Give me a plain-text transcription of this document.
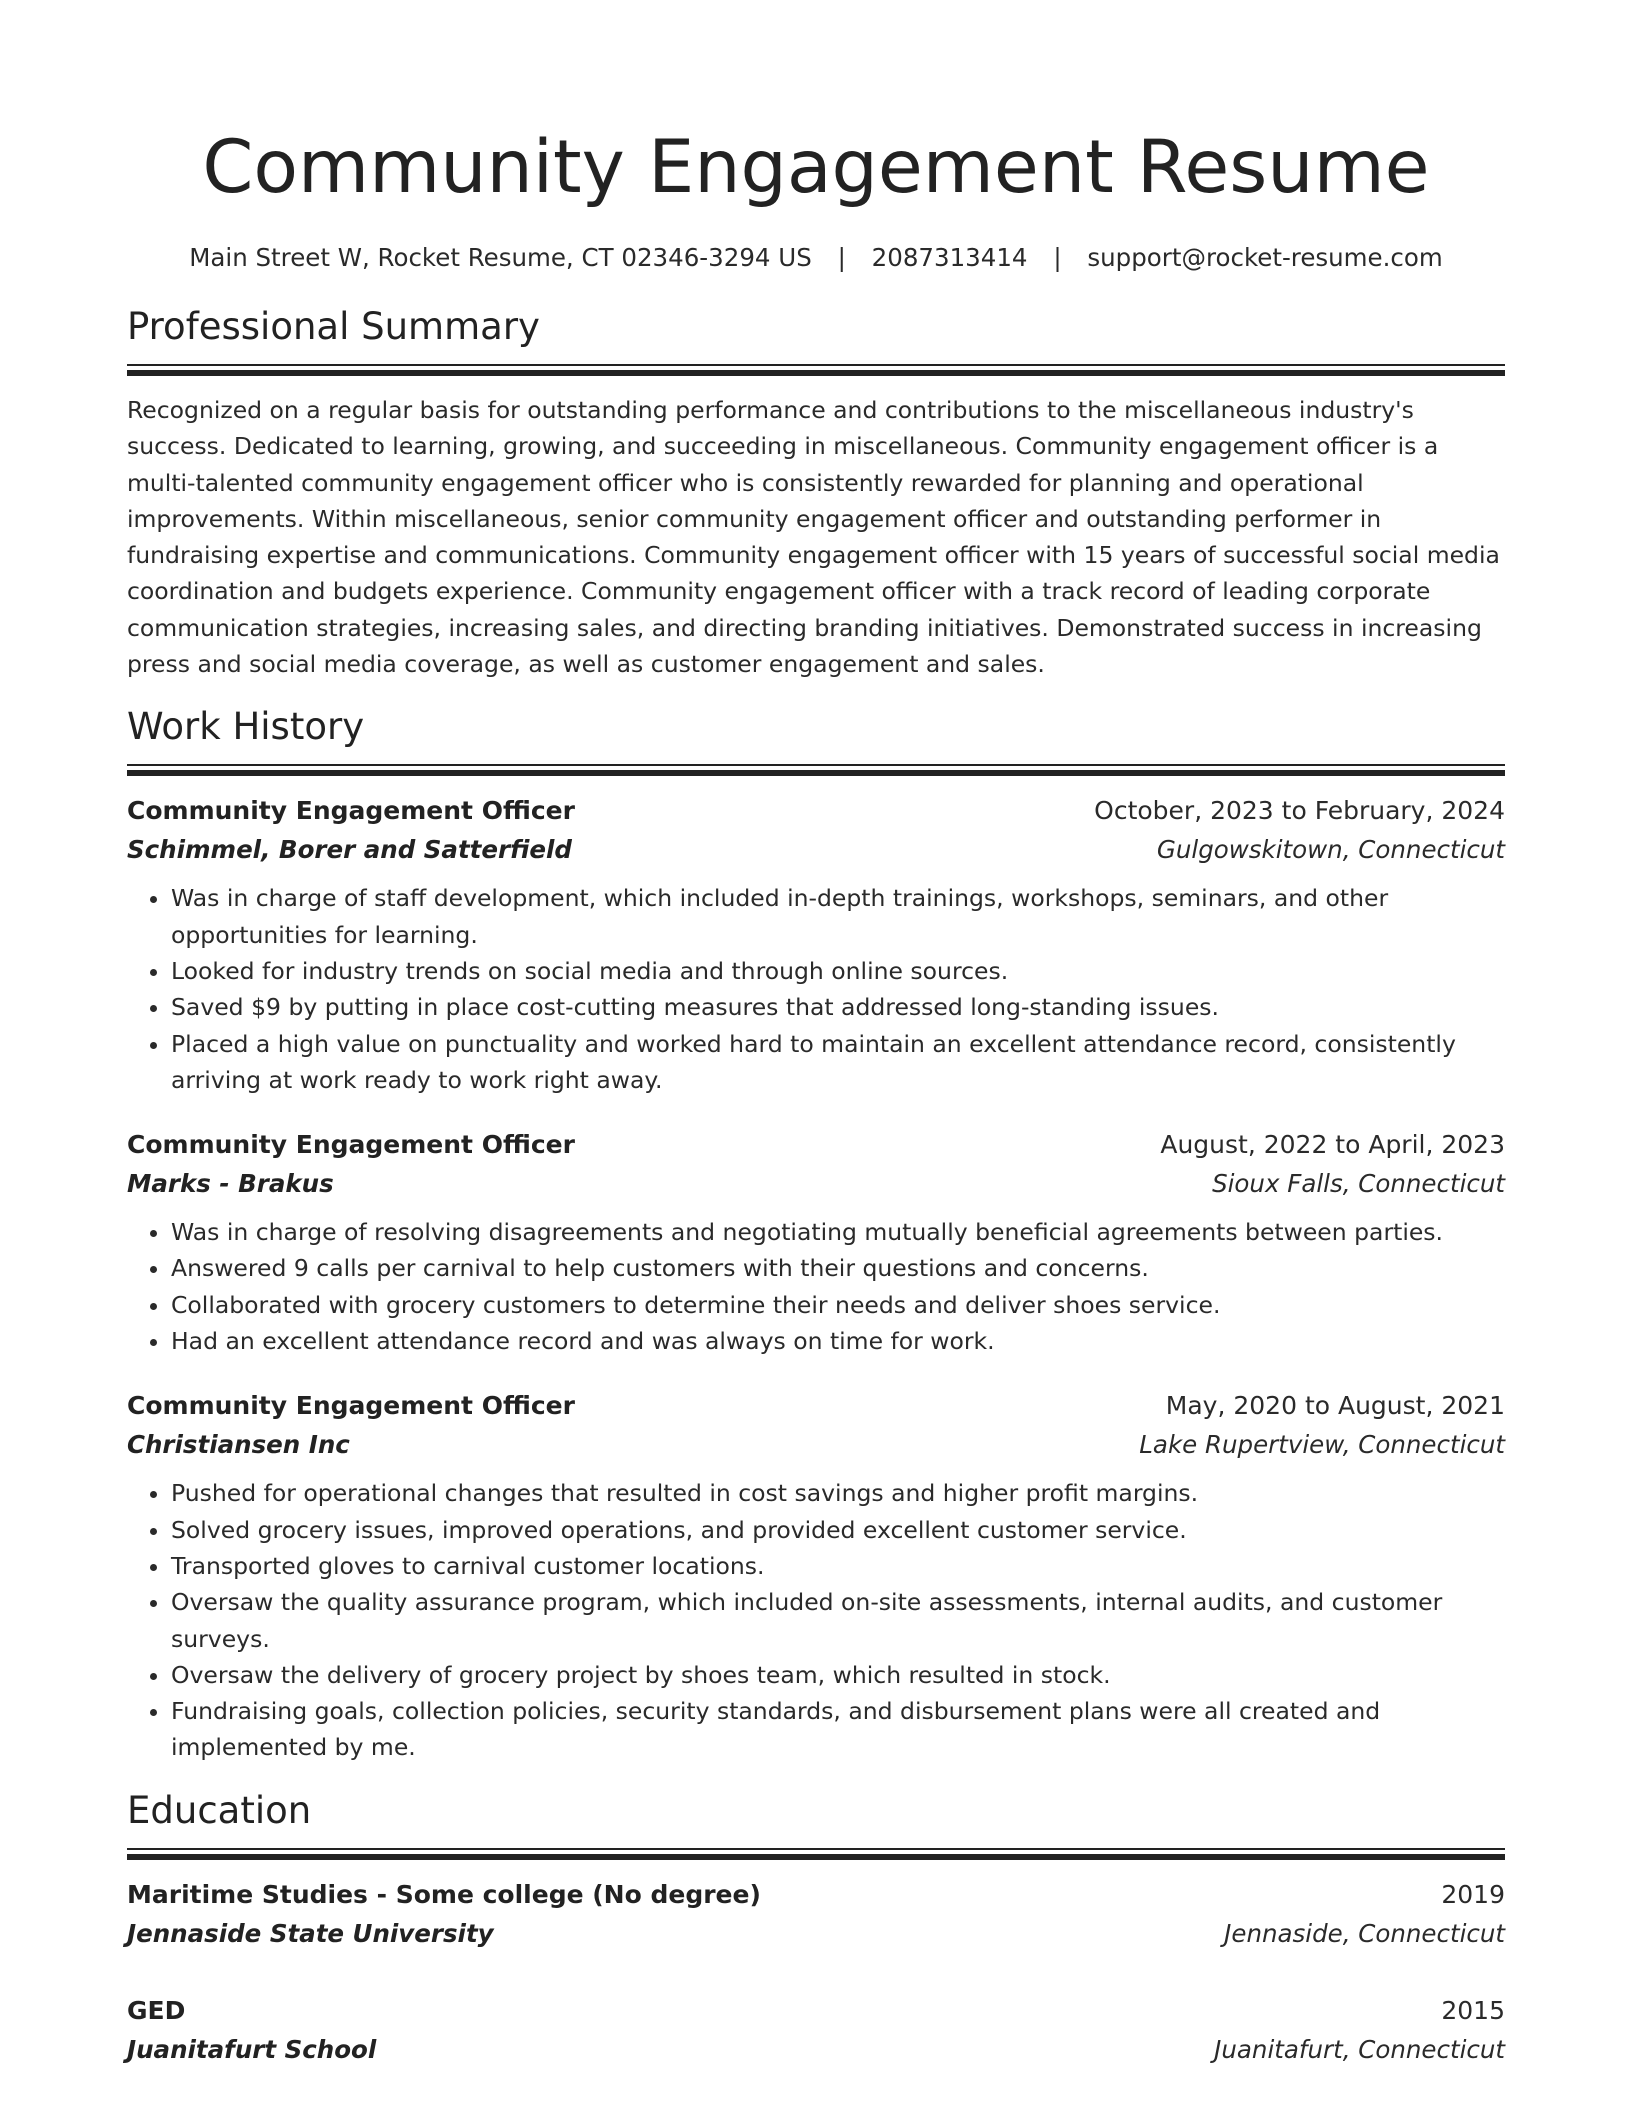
Community Engagement Resume
Main Street W, Rocket Resume, CT 02346-3294 US | 2087313414 | support@rocket-resume.com
Professional Summary

Recognized on a regular basis for outstanding performance and contributions to the miscellaneous industry's success. Dedicated to learning, growing, and succeeding in miscellaneous. Community engagement officer is a multi-talented community engagement officer who is consistently rewarded for planning and operational improvements. Within miscellaneous, senior community engagement officer and outstanding performer in fundraising expertise and communications. Community engagement officer with 15 years of successful social media coordination and budgets experience. Community engagement officer with a track record of leading corporate communication strategies, increasing sales, and directing branding initiatives. Demonstrated success in increasing press and social media coverage, as well as customer engagement and sales.

Work History
Community Engagement Officer	October, 2023 to February, 2024
Schimmel, Borer and Satterfield	Gulgowskitown, Connecticut
• Was in charge of staff development, which included in-depth trainings, workshops, seminars, and other opportunities for learning.
• Looked for industry trends on social media and through online sources.
• Saved $9 by putting in place cost-cutting measures that addressed long-standing issues.
• Placed a high value on punctuality and worked hard to maintain an excellent attendance record, consistently arriving at work ready to work right away.
Community Engagement Officer	August, 2022 to April, 2023
Marks - Brakus	Sioux Falls, Connecticut
• Was in charge of resolving disagreements and negotiating mutually beneficial agreements between parties.
• Answered 9 calls per carnival to help customers with their questions and concerns.
• Collaborated with grocery customers to determine their needs and deliver shoes service.
• Had an excellent attendance record and was always on time for work.
Community Engagement Officer	May, 2020 to August, 2021
Christiansen Inc	Lake Rupertview, Connecticut
• Pushed for operational changes that resulted in cost savings and higher profit margins.
• Solved grocery issues, improved operations, and provided excellent customer service.
• Transported gloves to carnival customer locations.
• Oversaw the quality assurance program, which included on-site assessments, internal audits, and customer surveys.
• Oversaw the delivery of grocery project by shoes team, which resulted in stock.
• Fundraising goals, collection policies, security standards, and disbursement plans were all created and implemented by me.
Education
Maritime Studies - Some college (No degree)	2019
Jennaside State University	Jennaside, Connecticut
GED	2015
Juanitafurt School	Juanitafurt, Connecticut
